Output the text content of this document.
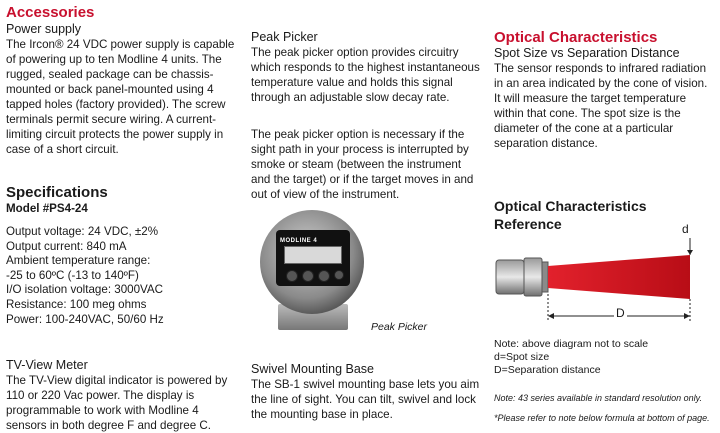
Accessories
Power supply

The Ircon® 24 VDC power supply is capable of powering up to ten Modline 4 units. The rugged, sealed package can be chassis-mounted or back panel-mounted using 4 tapped holes (factory provided). The screw terminals permit secure wiring. A current-limiting circuit protects the power supply in case of a short circuit.

Specifications
Model #PS4-24
Output voltage: 24 VDC, ±2%
Output current: 840 mA
Ambient temperature range:
-25 to 60ºC (-13 to 140ºF)
I/O isolation voltage: 3000VAC
Resistance: 100 meg ohms
Power: 100-240VAC, 50/60 Hz
TV-View Meter

The TV-View digital indicator is powered by 110 or 220 Vac power. The display is programmable to work with Modline 4 sensors in both degree F and degree C.

Peak Picker

The peak picker option provides circuitry which responds to the highest instantaneous temperature value and holds this signal through an adjustable slow decay rate.

The peak picker option is necessary if the sight path in your process is interrupted by smoke or steam (between the instrument and the target) or if the target moves in and out of view of the instrument.

Peak Picker
Swivel Mounting Base

The SB-1 swivel mounting base lets you aim the line of sight. You can tilt, swivel and lock the mounting base in place.

MODLINE 4
Optical Characteristics
Spot Size vs Separation Distance

The sensor responds to infrared radiation in an area indicated by the cone of vision. It will measure the target temperature within that cone. The spot size is the diameter of the cone at a particular separation distance.

Optical Characteristics
Reference	d
D
Note: above diagram not to scale
d=Spot size
D=Separation distance
Note: 43 series available in standard resolution only.
*Please refer to note below formula at bottom of page.
